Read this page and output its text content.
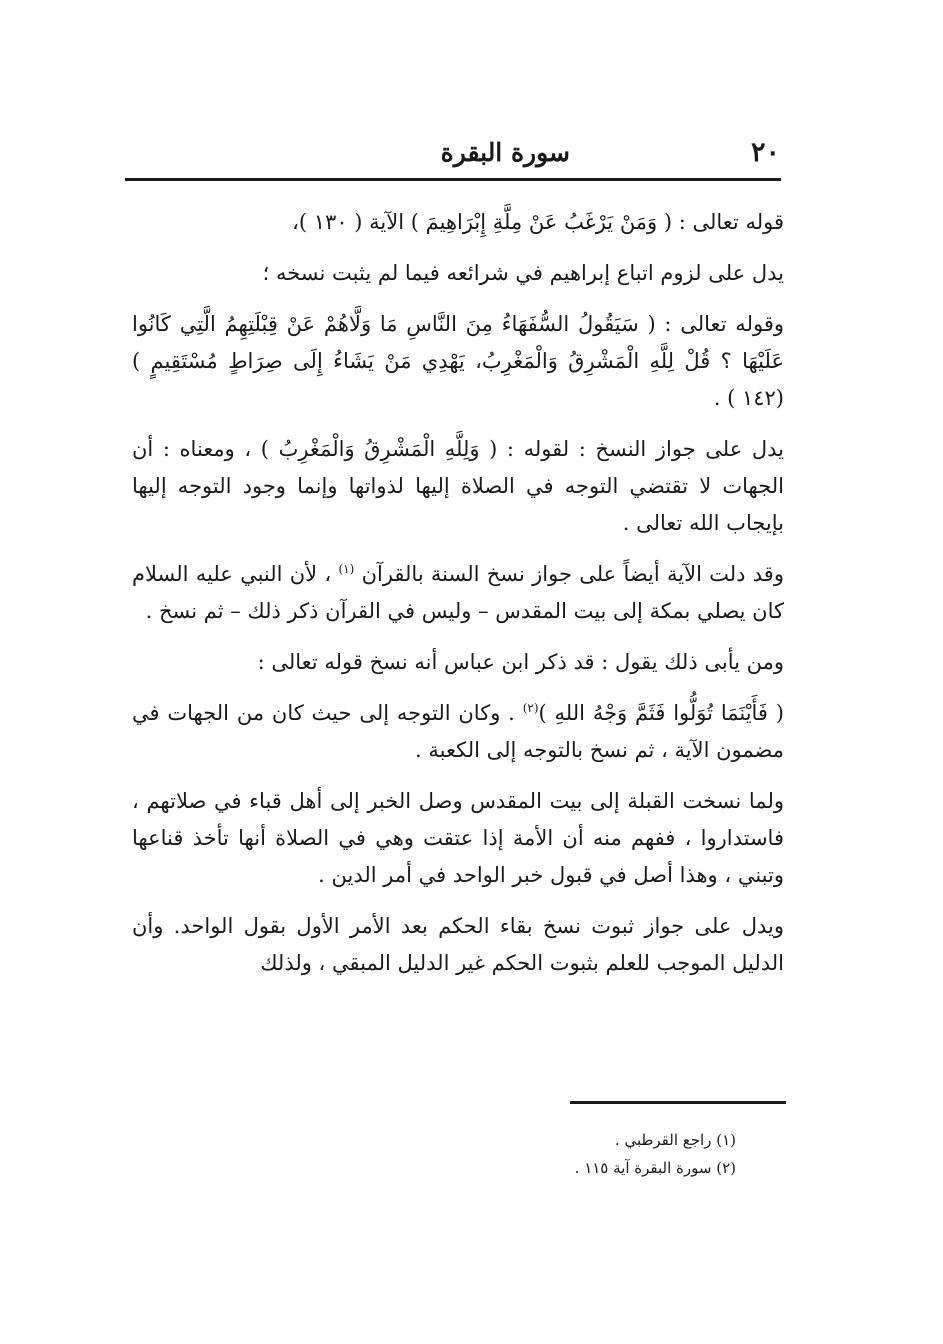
٢٠
سورة البقرة

قوله تعالى : ( وَمَنْ يَرْغَبُ عَنْ مِلَّةِ إِبْرَاهِيمَ ) الآية ( ١٣٠ )،

يدل على لزوم اتباع إبراهيم في شرائعه فيما لم يثبت نسخه ؛

وقوله تعالى : ( سَيَقُولُ السُّفَهَاءُ مِنَ النَّاسِ مَا وَلَّاهُمْ عَنْ قِبْلَتِهِمُ الَّتِي كَانُوا عَلَيْهَا ؟ قُلْ لِلَّهِ الْمَشْرِقُ وَالْمَغْرِبُ، يَهْدِي مَنْ يَشَاءُ إِلَى صِرَاطٍ مُسْتَقِيمٍ ) (١٤٢ ) .

يدل على جواز النسخ : لقوله : ( وَلِلَّهِ الْمَشْرِقُ وَالْمَغْرِبُ ) ، ومعناه : أن الجهات لا تقتضي التوجه في الصلاة إليها لذواتها وإنما وجود التوجه إليها بإيجاب الله تعالى .

وقد دلت الآية أيضاً على جواز نسخ السنة بالقرآن $^{(١)}$ ، لأن النبي عليه السلام كان يصلي بمكة إلى بيت المقدس – وليس في القرآن ذكر ذلك – ثم نسخ .

ومن يأبى ذلك يقول : قد ذكر ابن عباس أنه نسخ قوله تعالى :

( فَأَيْنَمَا تُوَلُّوا فَثَمَّ وَجْهُ اللهِ )$^{(٢)}$ . وكان التوجه إلى حيث كان من الجهات في مضمون الآية ، ثم نسخ بالتوجه إلى الكعبة .

ولما نسخت القبلة إلى بيت المقدس وصل الخبر إلى أهل قباء في صلاتهم ، فاستداروا ، ففهم منه أن الأمة إذا عتقت وهي في الصلاة أنها تأخذ قناعها وتبني ، وهذا أصل في قبول خبر الواحد في أمر الدين .

ويدل على جواز ثبوت نسخ بقاء الحكم بعد الأمر الأول بقول الواحد. وأن الدليل الموجب للعلم بثبوت الحكم غير الدليل المبقي ، ولذلك

(١) راجع القرطبي .
(٢) سورة البقرة آية ١١٥ .
